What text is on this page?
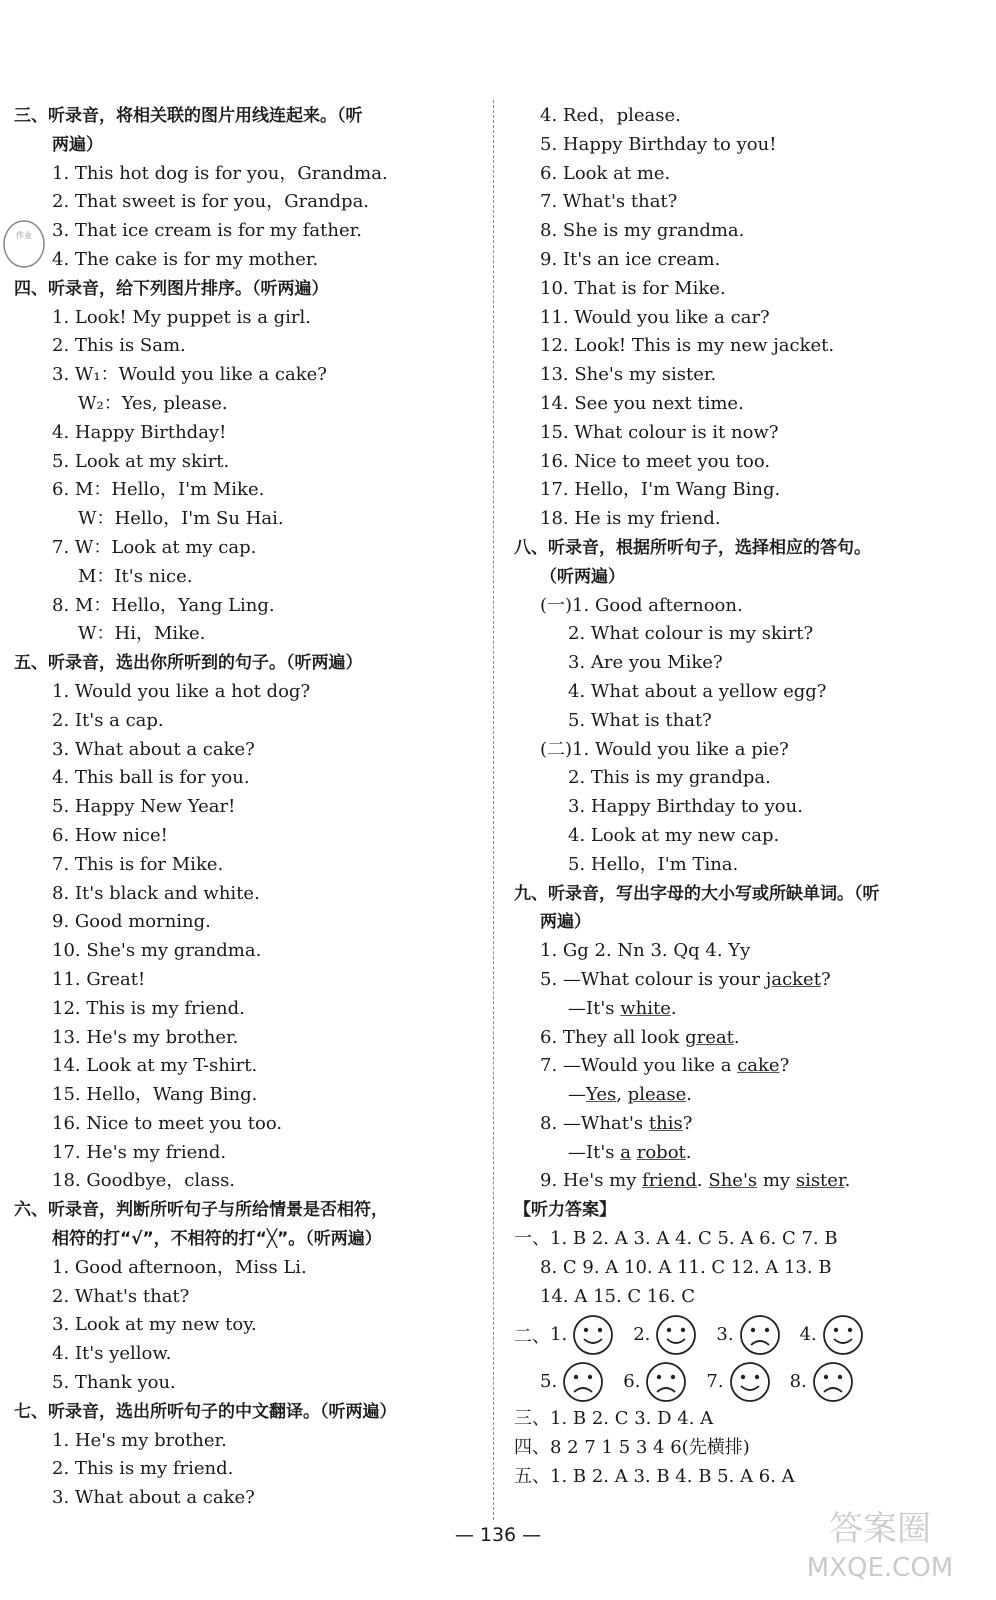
作业
三、听录音，将相关联的图片用线连起来。（听
两遍）
1. This hot dog is for you，Grandma.
2. That sweet is for you，Grandpa.
3. That ice cream is for my father.
4. The cake is for my mother.
四、听录音，给下列图片排序。（听两遍）
1. Look! My puppet is a girl.
2. This is Sam.
3. W₁：Would you like a cake?
W₂：Yes, please.
4. Happy Birthday!
5. Look at my skirt.
6. M：Hello，I'm Mike.
W：Hello，I'm Su Hai.
7. W：Look at my cap.
M：It's nice.
8. M：Hello，Yang Ling.
W：Hi，Mike.
五、听录音，选出你所听到的句子。（听两遍）
1. Would you like a hot dog?
2. It's a cap.
3. What about a cake?
4. This ball is for you.
5. Happy New Year!
6. How nice!
7. This is for Mike.
8. It's black and white.
9. Good morning.
10. She's my grandma.
11. Great!
12. This is my friend.
13. He's my brother.
14. Look at my T-shirt.
15. Hello，Wang Bing.
16. Nice to meet you too.
17. He's my friend.
18. Goodbye，class.
六、听录音，判断所听句子与所给情景是否相符，
相符的打“√”，不相符的打“╳”。（听两遍）
1. Good afternoon，Miss Li.
2. What's that?
3. Look at my new toy.
4. It's yellow.
5. Thank you.
七、听录音，选出所听句子的中文翻译。（听两遍）
1. He's my brother.
2. This is my friend.
3. What about a cake?
4. Red，please.
5. Happy Birthday to you!
6. Look at me.
7. What's that?
8. She is my grandma.
9. It's an ice cream.
10. That is for Mike.
11. Would you like a car?
12. Look! This is my new jacket.
13. She's my sister.
14. See you next time.
15. What colour is it now?
16. Nice to meet you too.
17. Hello，I'm Wang Bing.
18. He is my friend.
八、听录音，根据所听句子，选择相应的答句。
（听两遍）
(一)1. Good afternoon.
2. What colour is my skirt?
3. Are you Mike?
4. What about a yellow egg?
5. What is that?
(二)1. Would you like a pie?
2. This is my grandpa.
3. Happy Birthday to you.
4. Look at my new cap.
5. Hello，I'm Tina.
九、听录音，写出字母的大小写或所缺单词。（听
两遍）
1. Gg 2. Nn 3. Qq 4. Yy
5. —What colour is your jacket?
—It's white.
6. They all look great.
7. —Would you like a cake?
—Yes, please.
8. —What's this?
—It's a robot.
9. He's my friend. She's my sister.
【听力答案】
一、1. B 2. A 3. A 4. C 5. A 6. C 7. B
8. C 9. A 10. A 11. C 12. A 13. B
14. A 15. C 16. C
二、 1.	2.	3.	4.
5.	6.	7.	8.
三、1. B 2. C 3. D 4. A
四、8 2 7 1 5 3 4 6(先横排)
五、1. B 2. A 3. B 4. B 5. A 6. A
— 136 —	答案圈
MXQE.COM
